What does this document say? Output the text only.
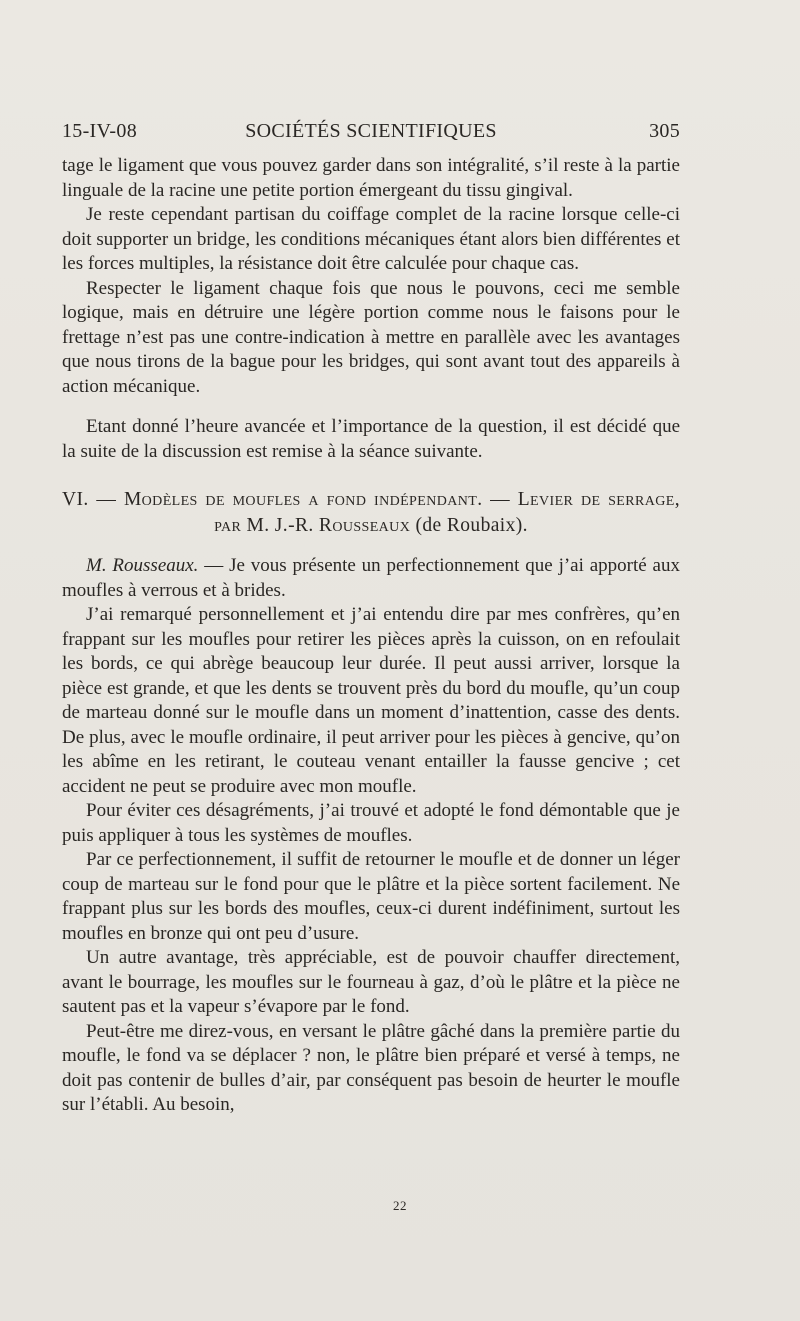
15-IV-08	SOCIÉTÉS SCIENTIFIQUES	305

tage le ligament que vous pouvez garder dans son intégralité, s’il reste à la partie linguale de la racine une petite portion émergeant du tissu gingival.

Je reste cependant partisan du coiffage complet de la racine lorsque celle-ci doit supporter un bridge, les conditions mécaniques étant alors bien différentes et les forces multiples, la résistance doit être calculée pour chaque cas.

Respecter le ligament chaque fois que nous le pouvons, ceci me semble logique, mais en détruire une légère portion comme nous le faisons pour le frettage n’est pas une contre-indication à mettre en parallèle avec les avantages que nous tirons de la bague pour les bridges, qui sont avant tout des appareils à action mécanique.

Etant donné l’heure avancée et l’importance de la question, il est décidé que la suite de la discussion est remise à la séance suivante.

VI. — Modèles de moufles a fond indépendant. — Levier de serrage, par M. J.-R. Rousseaux (de Roubaix).

M. Rousseaux. — Je vous présente un perfectionnement que j’ai apporté aux moufles à verrous et à brides.

J’ai remarqué personnellement et j’ai entendu dire par mes confrères, qu’en frappant sur les moufles pour retirer les pièces après la cuisson, on en refoulait les bords, ce qui abrège beaucoup leur durée. Il peut aussi arriver, lorsque la pièce est grande, et que les dents se trouvent près du bord du moufle, qu’un coup de marteau donné sur le moufle dans un moment d’inattention, casse des dents. De plus, avec le moufle ordinaire, il peut arriver pour les pièces à gencive, qu’on les abîme en les retirant, le couteau venant entailler la fausse gencive ; cet accident ne peut se produire avec mon moufle.

Pour éviter ces désagréments, j’ai trouvé et adopté le fond démontable que je puis appliquer à tous les systèmes de moufles.

Par ce perfectionnement, il suffit de retourner le moufle et de donner un léger coup de marteau sur le fond pour que le plâtre et la pièce sortent facilement. Ne frappant plus sur les bords des moufles, ceux-ci durent indéfiniment, surtout les moufles en bronze qui ont peu d’usure.

Un autre avantage, très appréciable, est de pouvoir chauffer directement, avant le bourrage, les moufles sur le fourneau à gaz, d’où le plâtre et la pièce ne sautent pas et la vapeur s’évapore par le fond.

Peut-être me direz-vous, en versant le plâtre gâché dans la première partie du moufle, le fond va se déplacer ? non, le plâtre bien préparé et versé à temps, ne doit pas contenir de bulles d’air, par conséquent pas besoin de heurter le moufle sur l’établi. Au besoin,

22
